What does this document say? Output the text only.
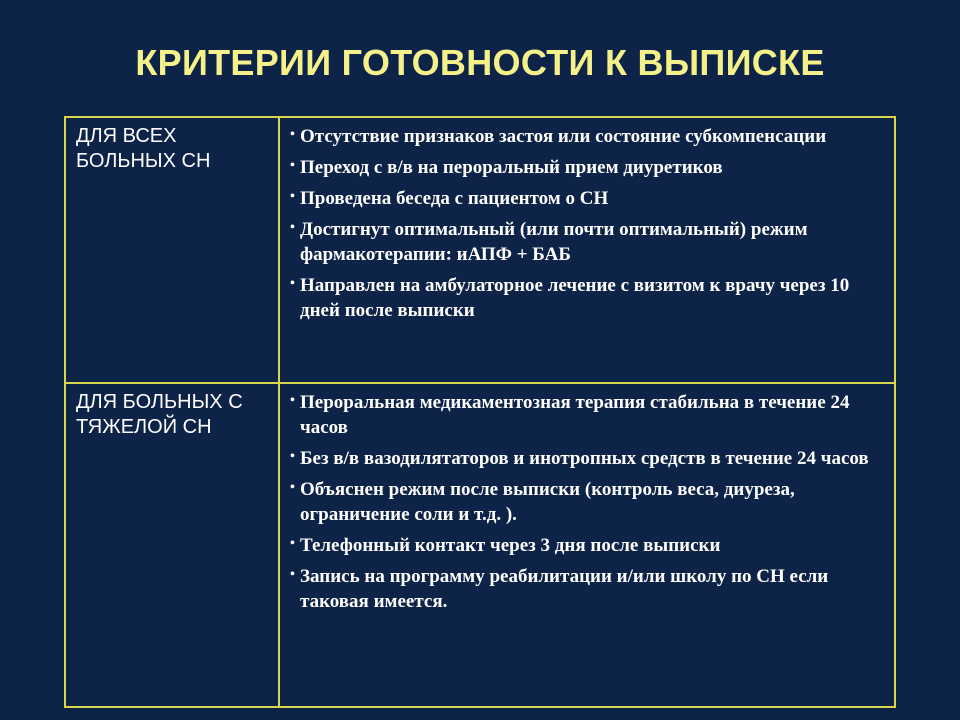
КРИТЕРИИ ГОТОВНОСТИ К ВЫПИСКЕ
ДЛЯ ВСЕХ БОЛЬНЫХ СН
• Отсутствие признаков застоя или состояние субкомпенсации
• Переход с в/в на пероральный прием диуретиков
• Проведена беседа с пациентом о СН
• Достигнут оптимальный (или почти оптимальный) режим фармакотерапии: иАПФ + БАБ
• Направлен на амбулаторное лечение с визитом к врачу через 10 дней после выписки
ДЛЯ БОЛЬНЫХ С ТЯЖЕЛОЙ СН
• Пероральная медикаментозная терапия стабильна в течение 24 часов
• Без в/в вазодилятаторов и инотропных средств в течение 24 часов
• Объяснен режим после выписки (контроль веса, диуреза, ограничение соли и т.д. ).
• Телефонный контакт через 3 дня после выписки
• Запись на программу реабилитации и/или школу по СН если таковая имеется.
